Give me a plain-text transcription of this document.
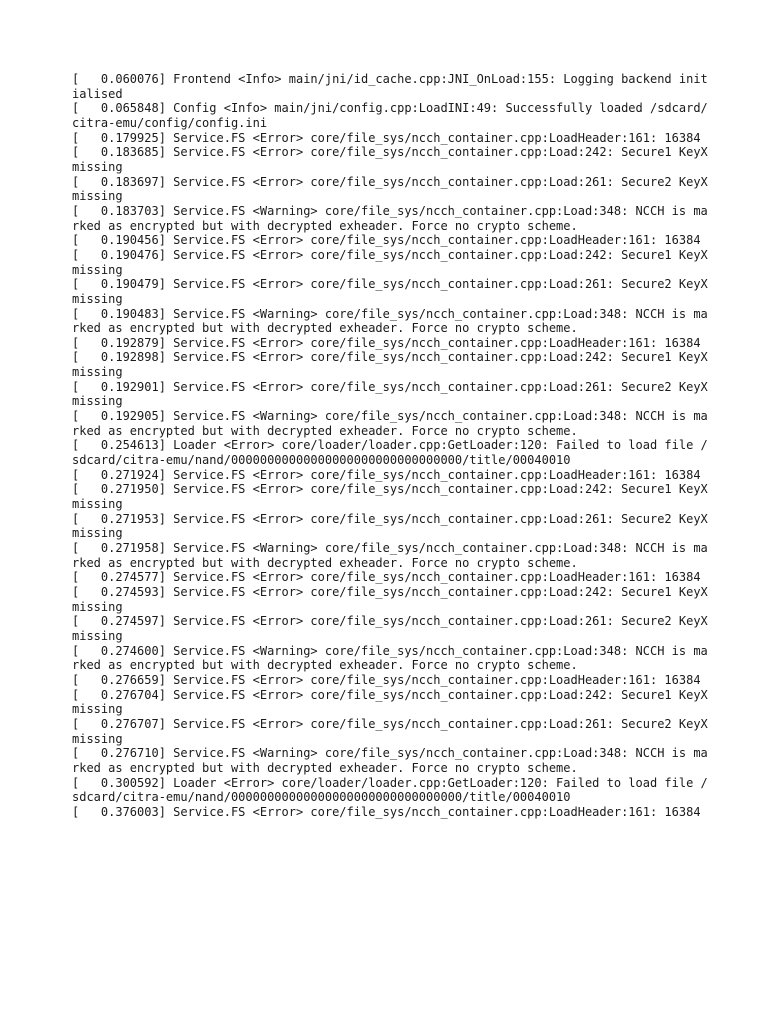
[   0.060076] Frontend <Info> main/jni/id_cache.cpp:JNI_OnLoad:155: Logging backend initialised

[   0.065848] Config <Info> main/jni/config.cpp:LoadINI:49: Successfully loaded /sdcard/citra-emu/config/config.ini

[   0.179925] Service.FS <Error> core/file_sys/ncch_container.cpp:LoadHeader:161: 16384

[   0.183685] Service.FS <Error> core/file_sys/ncch_container.cpp:Load:242: Secure1 KeyX missing

[   0.183697] Service.FS <Error> core/file_sys/ncch_container.cpp:Load:261: Secure2 KeyX missing

[   0.183703] Service.FS <Warning> core/file_sys/ncch_container.cpp:Load:348: NCCH is marked as encrypted but with decrypted exheader. Force no crypto scheme.

[   0.190456] Service.FS <Error> core/file_sys/ncch_container.cpp:LoadHeader:161: 16384

[   0.190476] Service.FS <Error> core/file_sys/ncch_container.cpp:Load:242: Secure1 KeyX missing

[   0.190479] Service.FS <Error> core/file_sys/ncch_container.cpp:Load:261: Secure2 KeyX missing

[   0.190483] Service.FS <Warning> core/file_sys/ncch_container.cpp:Load:348: NCCH is marked as encrypted but with decrypted exheader. Force no crypto scheme.

[   0.192879] Service.FS <Error> core/file_sys/ncch_container.cpp:LoadHeader:161: 16384

[   0.192898] Service.FS <Error> core/file_sys/ncch_container.cpp:Load:242: Secure1 KeyX missing

[   0.192901] Service.FS <Error> core/file_sys/ncch_container.cpp:Load:261: Secure2 KeyX missing

[   0.192905] Service.FS <Warning> core/file_sys/ncch_container.cpp:Load:348: NCCH is marked as encrypted but with decrypted exheader. Force no crypto scheme.

[   0.254613] Loader <Error> core/loader/loader.cpp:GetLoader:120: Failed to load file /sdcard/citra-emu/nand/00000000000000000000000000000000/title/00040010

[   0.271924] Service.FS <Error> core/file_sys/ncch_container.cpp:LoadHeader:161: 16384

[   0.271950] Service.FS <Error> core/file_sys/ncch_container.cpp:Load:242: Secure1 KeyX missing

[   0.271953] Service.FS <Error> core/file_sys/ncch_container.cpp:Load:261: Secure2 KeyX missing

[   0.271958] Service.FS <Warning> core/file_sys/ncch_container.cpp:Load:348: NCCH is marked as encrypted but with decrypted exheader. Force no crypto scheme.

[   0.274577] Service.FS <Error> core/file_sys/ncch_container.cpp:LoadHeader:161: 16384

[   0.274593] Service.FS <Error> core/file_sys/ncch_container.cpp:Load:242: Secure1 KeyX missing

[   0.274597] Service.FS <Error> core/file_sys/ncch_container.cpp:Load:261: Secure2 KeyX missing

[   0.274600] Service.FS <Warning> core/file_sys/ncch_container.cpp:Load:348: NCCH is marked as encrypted but with decrypted exheader. Force no crypto scheme.

[   0.276659] Service.FS <Error> core/file_sys/ncch_container.cpp:LoadHeader:161: 16384

[   0.276704] Service.FS <Error> core/file_sys/ncch_container.cpp:Load:242: Secure1 KeyX missing

[   0.276707] Service.FS <Error> core/file_sys/ncch_container.cpp:Load:261: Secure2 KeyX missing

[   0.276710] Service.FS <Warning> core/file_sys/ncch_container.cpp:Load:348: NCCH is marked as encrypted but with decrypted exheader. Force no crypto scheme.

[   0.300592] Loader <Error> core/loader/loader.cpp:GetLoader:120: Failed to load file /sdcard/citra-emu/nand/00000000000000000000000000000000/title/00040010

[   0.376003] Service.FS <Error> core/file_sys/ncch_container.cpp:LoadHeader:161: 16384
